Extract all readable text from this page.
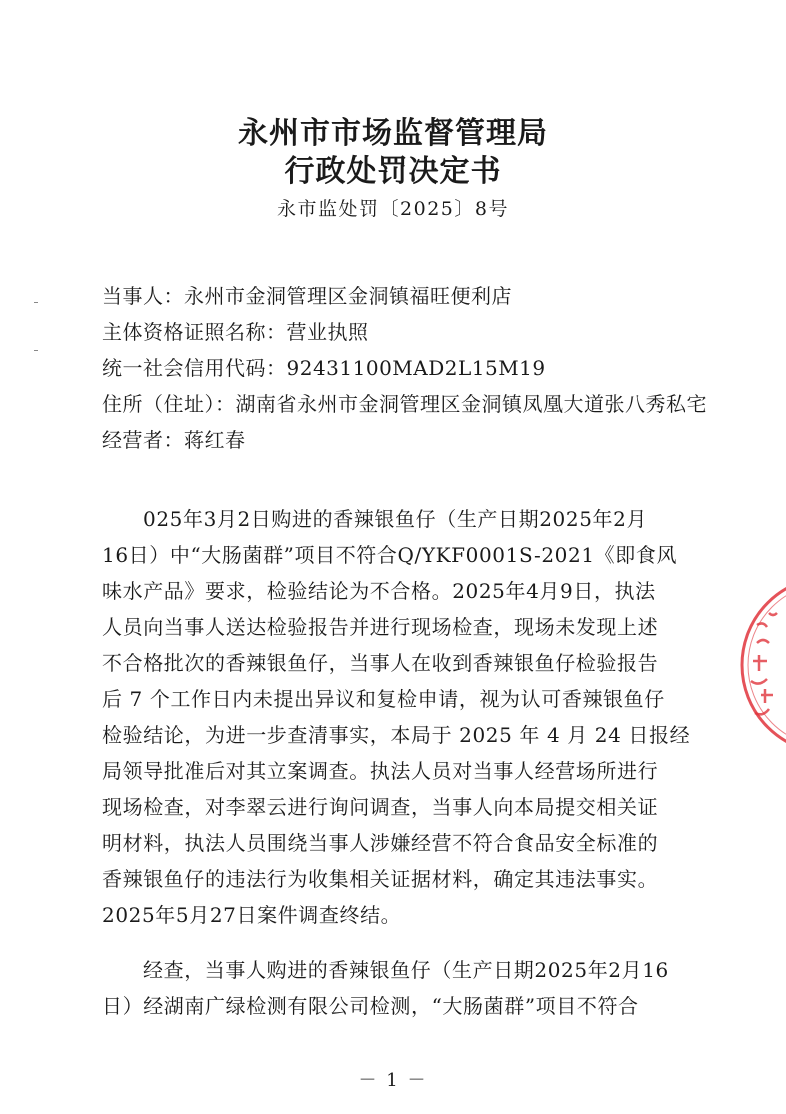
永州市市场监督管理局
行政处罚决定书
永市监处罚〔2025〕8号
当事人：永州市金洞管理区金洞镇福旺便利店
主体资格证照名称：营业执照
统一社会信用代码：92431100MAD2L15M19
住所（住址）：湖南省永州市金洞管理区金洞镇凤凰大道张八秀私宅
经营者：蒋红春
025年3月2日购进的香辣银鱼仔（生产日期2025年2月
16日）中“大肠菌群”项目不符合Q/YKF0001S-2021《即食风
味水产品》要求，检验结论为不合格。2025年4月9日，执法
人员向当事人送达检验报告并进行现场检查，现场未发现上述
不合格批次的香辣银鱼仔，当事人在收到香辣银鱼仔检验报告
后 7 个工作日内未提出异议和复检申请，视为认可香辣银鱼仔
检验结论，为进一步查清事实，本局于 2025 年 4 月 24 日报经
局领导批准后对其立案调查。执法人员对当事人经营场所进行
现场检查，对李翠云进行询问调查，当事人向本局提交相关证
明材料，执法人员围绕当事人涉嫌经营不符合食品安全标准的
香辣银鱼仔的违法行为收集相关证据材料，确定其违法事实。
2025年5月27日案件调查终结。
经查，当事人购进的香辣银鱼仔（生产日期2025年2月16
日）经湖南广绿检测有限公司检测，“大肠菌群”项目不符合
－ 1 －
